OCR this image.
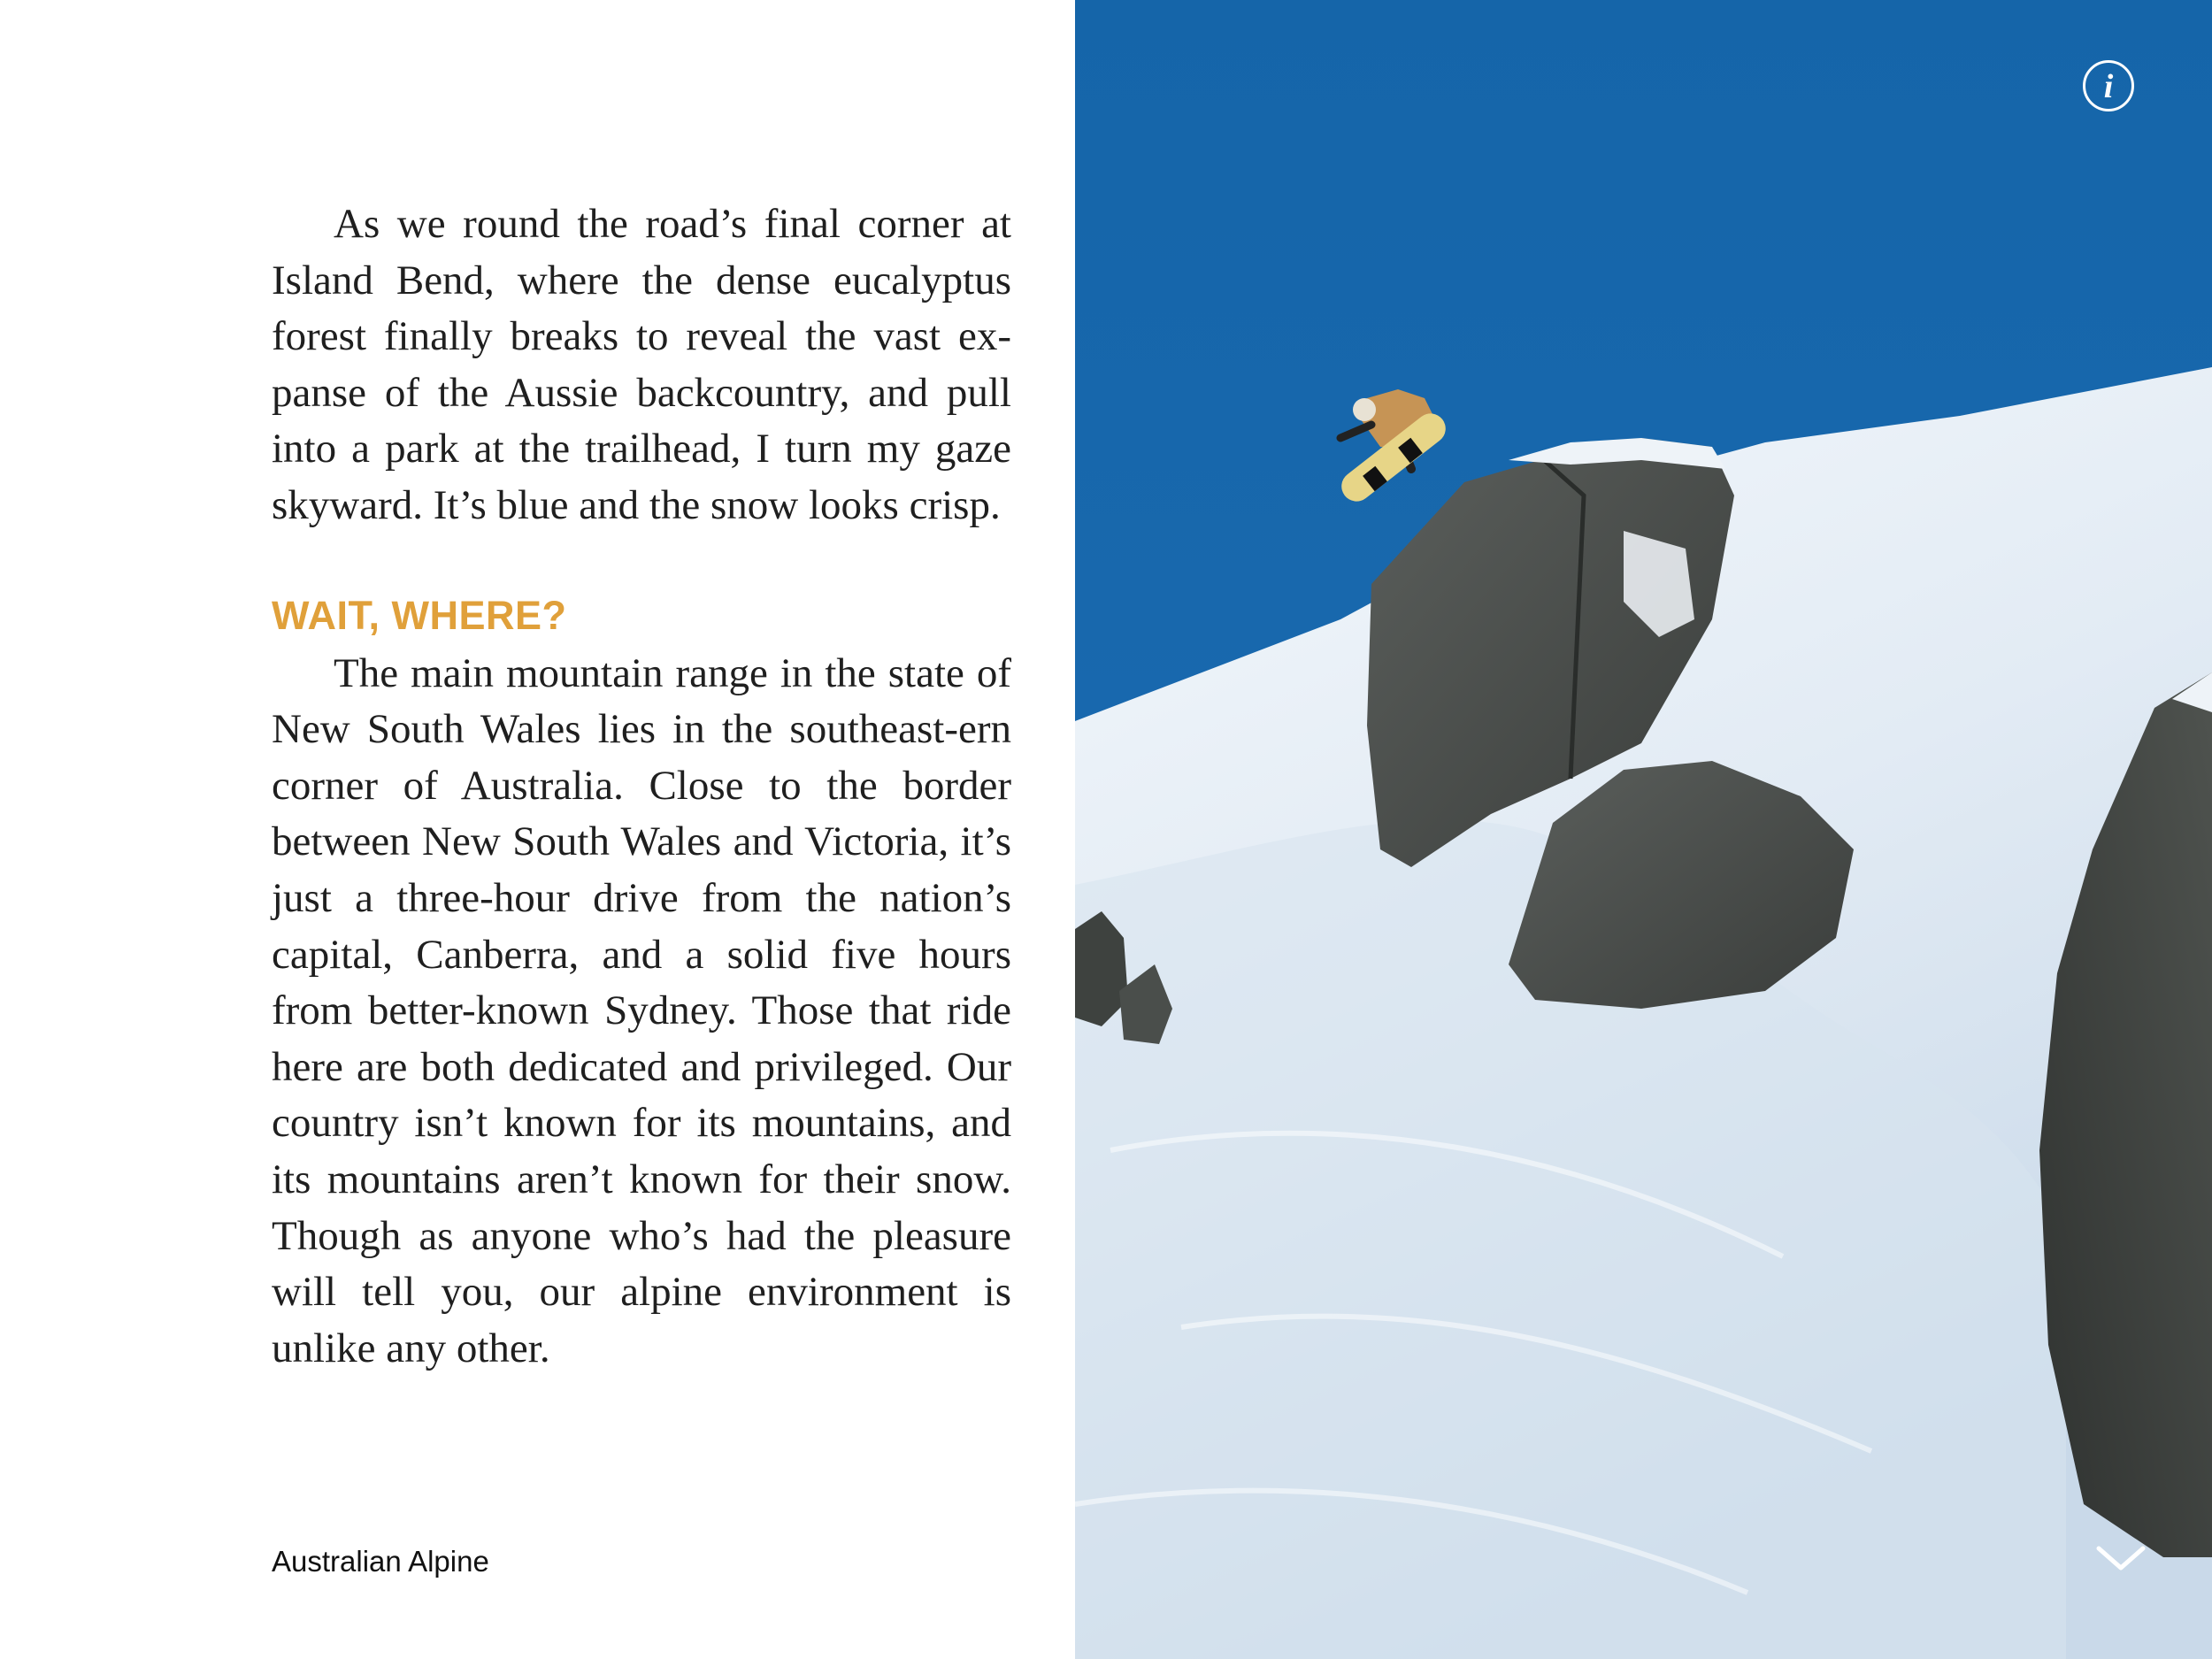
As we round the road’s final corner at Island Bend, where the dense eucalyptus forest finally breaks to reveal the vast ex-panse of the Aussie backcountry, and pull into a park at the trailhead, I turn my gaze skyward. It’s blue and the snow looks crisp.

WAIT, WHERE?

The main mountain range in the state of New South Wales lies in the southeast-ern corner of Australia. Close to the border between New South Wales and Victoria, it’s just a three-hour drive from the nation’s capital, Canberra, and a solid five hours from better-known Sydney. Those that ride here are both dedicated and privileged. Our country isn’t known for its mountains, and its mountains aren’t known for their snow. Though as anyone who’s had the pleasure will tell you, our alpine environment is unlike any other.

Australian Alpine
i
